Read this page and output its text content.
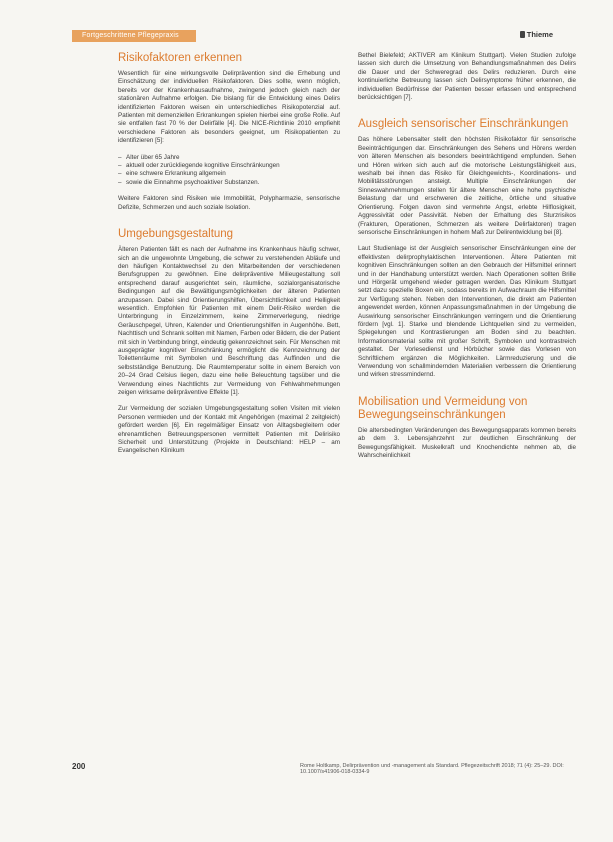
Fortgeschrittene Pflegepraxis	Thieme
Risikofaktoren erkennen

Wesentlich für eine wirkungsvolle Delirprävention sind die Erhebung und Einschätzung der individuellen Risikofaktoren. Dies sollte, wenn möglich, bereits vor der Krankenhausaufnahme, zwingend jedoch gleich nach der stationären Aufnahme erfolgen. Die bislang für die Entwicklung eines Delirs identifizierten Faktoren weisen ein unterschiedliches Risikopotenzial auf. Patienten mit demenziellen Erkrankungen spielen hierbei eine große Rolle. Auf sie entfallen fast 70 % der Delirfälle [4]. Die NICE-Richtlinie 2010 empfiehlt verschiedene Faktoren als besonders geeignet, um Risikopatienten zu identifizieren [5]:

– Alter über 65 Jahre
– aktuell oder zurückliegende kognitive Einschränkungen
– eine schwere Erkrankung allgemein
– sowie die Einnahme psychoaktiver Substanzen.

Weitere Faktoren sind Risiken wie Immobilität, Polypharmazie, sensorische Defizite, Schmerzen und auch soziale Isolation.

Umgebungsgestaltung

Älteren Patienten fällt es nach der Aufnahme ins Krankenhaus häufig schwer, sich an die ungewohnte Umgebung, die schwer zu verstehenden Abläufe und den häufigen Kontaktwechsel zu den Mitarbeitenden der verschiedenen Berufsgruppen zu gewöhnen. Eine delirpräventive Milieugestaltung soll entsprechend darauf ausgerichtet sein, räumliche, sozialorganisatorische Bedingungen auf die Bewältigungsmöglichkeiten der älteren Patienten anzupassen. Dabei sind Orientierungshilfen, Übersichtlichkeit und Helligkeit wesentlich. Empfohlen für Patienten mit einem Delir-Risiko werden die Unterbringung in Einzelzimmern, keine Zimmerverlegung, niedrige Geräuschpegel, Uhren, Kalender und Orientierungshilfen in Augenhöhe. Bett, Nachttisch und Schrank sollten mit Namen, Farben oder Bildern, die der Patient mit sich in Verbindung bringt, eindeutig gekennzeichnet sein. Für Menschen mit ausgeprägter kognitiver Einschränkung ermöglicht die Kennzeichnung der Toilettenräume mit Symbolen und Beschriftung das Auffinden und die selbstständige Benutzung. Die Raumtemperatur sollte in einem Bereich von 20–24 Grad Celsius liegen, dazu eine helle Beleuchtung tagsüber und die Verwendung eines Nachtlichts zur Vermeidung von Fehlwahrnehmungen zeigen wirksame delirpräventive Effekte [1].

Zur Vermeidung der sozialen Umgebungsgestaltung sollen Visiten mit vielen Personen vermieden und der Kontakt mit Angehörigen (maximal 2 zeitgleich) gefördert werden [6]. Ein regelmäßiger Einsatz von Alltagsbegleitern oder ehrenamtlichen Betreuungspersonen vermittelt Patienten mit Delirisiko Sicherheit und Unterstützung (Projekte in Deutschland: HELP – am Evangelischen Klinikum

Bethel Bielefeld; AKTIVER am Klinikum Stuttgart). Vielen Studien zufolge lassen sich durch die Umsetzung von Behandlungsmaßnahmen des Delirs die Dauer und der Schweregrad des Delirs reduzieren. Durch eine kontinuierliche Betreuung lassen sich Delirsymptome früher erkennen, die individuellen Bedürfnisse der Patienten besser erfassen und entsprechend berücksichtigen [7].

Ausgleich sensorischer Einschränkungen

Das höhere Lebensalter stellt den höchsten Risikofaktor für sensorische Beeinträchtigungen dar. Einschränkungen des Sehens und Hörens werden von älteren Menschen als besonders beeinträchtigend empfunden. Sehen und Hören wirken sich auch auf die motorische Leistungsfähigkeit aus, weshalb bei ihnen das Risiko für Gleichgewichts-, Koordinations- und Mobilitätsstörungen ansteigt. Multiple Einschränkungen der Sinneswahrnehmungen stellen für ältere Menschen eine hohe psychische Belastung dar und erschweren die zeitliche, örtliche und situative Orientierung. Folgen davon sind vermehrte Angst, erlebte Hilflosigkeit, Aggressivität oder Passivität. Neben der Erhaltung des Sturzrisikos (Frakturen, Operationen, Schmerzen als weitere Delirfaktoren) tragen sensorische Einschränkungen in hohem Maß zur Delirentwicklung bei [8].

Laut Studienlage ist der Ausgleich sensorischer Einschränkungen eine der effektivsten delirprophylaktischen Interventionen. Ältere Patienten mit kognitiven Einschränkungen sollten an den Gebrauch der Hilfsmittel erinnert und in der Handhabung unterstützt werden. Nach Operationen sollten Brille und Hörgerät umgehend wieder getragen werden. Das Klinikum Stuttgart setzt dazu spezielle Boxen ein, sodass bereits im Aufwachraum die Hilfsmittel zur Verfügung stehen. Neben den Interventionen, die direkt am Patienten angewendet werden, können Anpassungsmaßnahmen in der Umgebung die Auswirkung sensorischer Einschränkungen verringern und die Orientierung fördern [vgl. 1]. Starke und blendende Lichtquellen sind zu vermeiden, Spiegelungen und Kontrastierungen am Boden sind zu beachten. Informationsmaterial sollte mit großer Schrift, Symbolen und kontrastreich gestaltet. Der Vorlesedienst und Hörbücher sowie das Vorlesen von Schriftlichem ergänzen die Möglichkeiten. Lärmreduzierung und die Verwendung von schallmindernden Materialien verbessern die Orientierung und wirken stressmindernd.

Mobilisation und Vermeidung von Bewegungseinschränkungen

Die altersbedingten Veränderungen des Bewegungsapparats kommen bereits ab dem 3. Lebensjahrzehnt zur deutlichen Einschränkung der Bewegungsfähigkeit. Muskelkraft und Knochendichte nehmen ab, die Wahrscheinlichkeit

200	Rome Holtkamp, Delirprävention und -management als Standard. Pflegezeitschrift 2018; 71 (4): 25–29. DOI: 10.1007/s41906-018-0334-9
